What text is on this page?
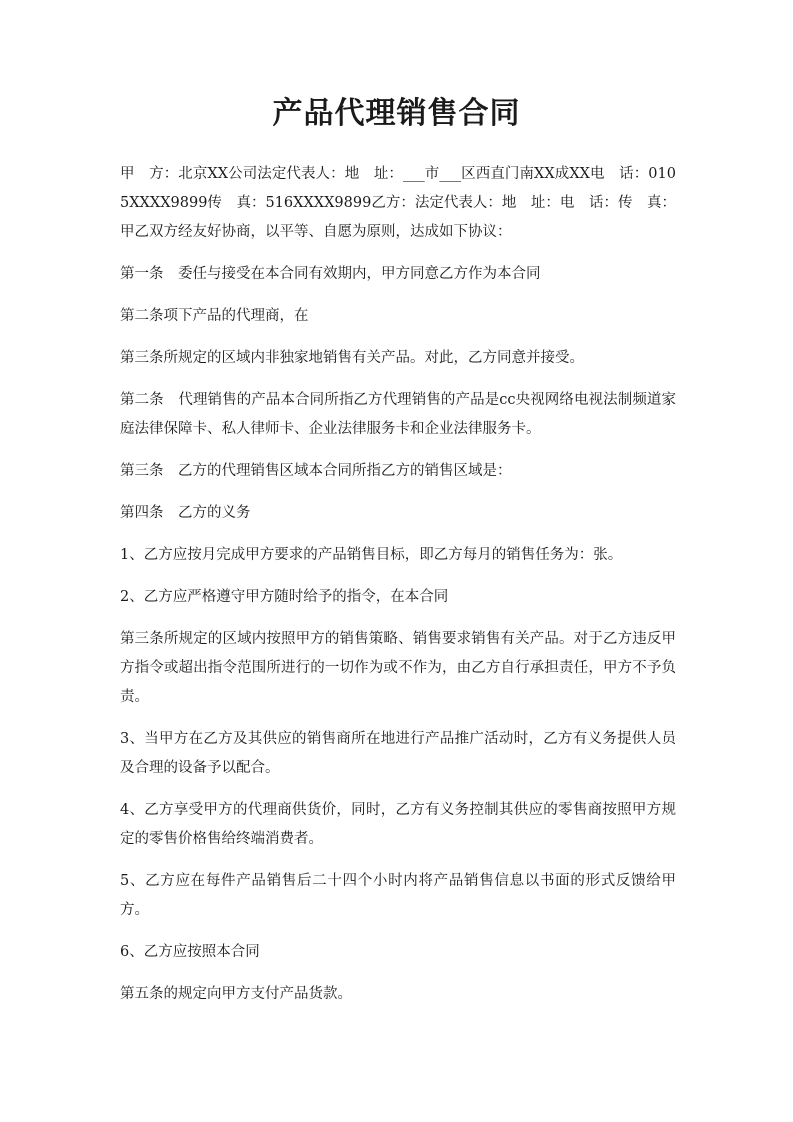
产品代理销售合同

甲　方：北京XX公司法定代表人：地　址：___市___区西直门南XX成XX电　话：0105XXXX9899传　真：516XXXX9899乙方：法定代表人：地　址：电　话：传　真：甲乙双方经友好协商，以平等、自愿为原则，达成如下协议：

第一条　委任与接受在本合同有效期内，甲方同意乙方作为本合同

第二条项下产品的代理商，在

第三条所规定的区域内非独家地销售有关产品。对此，乙方同意并接受。

第二条　代理销售的产品本合同所指乙方代理销售的产品是cc央视网络电视法制频道家庭法律保障卡、私人律师卡、企业法律服务卡和企业法律服务卡。

第三条　乙方的代理销售区域本合同所指乙方的销售区域是：

第四条　乙方的义务

1、乙方应按月完成甲方要求的产品销售目标，即乙方每月的销售任务为：张。

2、乙方应严格遵守甲方随时给予的指令，在本合同

第三条所规定的区域内按照甲方的销售策略、销售要求销售有关产品。对于乙方违反甲方指令或超出指令范围所进行的一切作为或不作为，由乙方自行承担责任，甲方不予负责。

3、当甲方在乙方及其供应的销售商所在地进行产品推广活动时，乙方有义务提供人员及合理的设备予以配合。

4、乙方享受甲方的代理商供货价，同时，乙方有义务控制其供应的零售商按照甲方规定的零售价格售给终端消费者。

5、乙方应在每件产品销售后二十四个小时内将产品销售信息以书面的形式反馈给甲方。

6、乙方应按照本合同

第五条的规定向甲方支付产品货款。
